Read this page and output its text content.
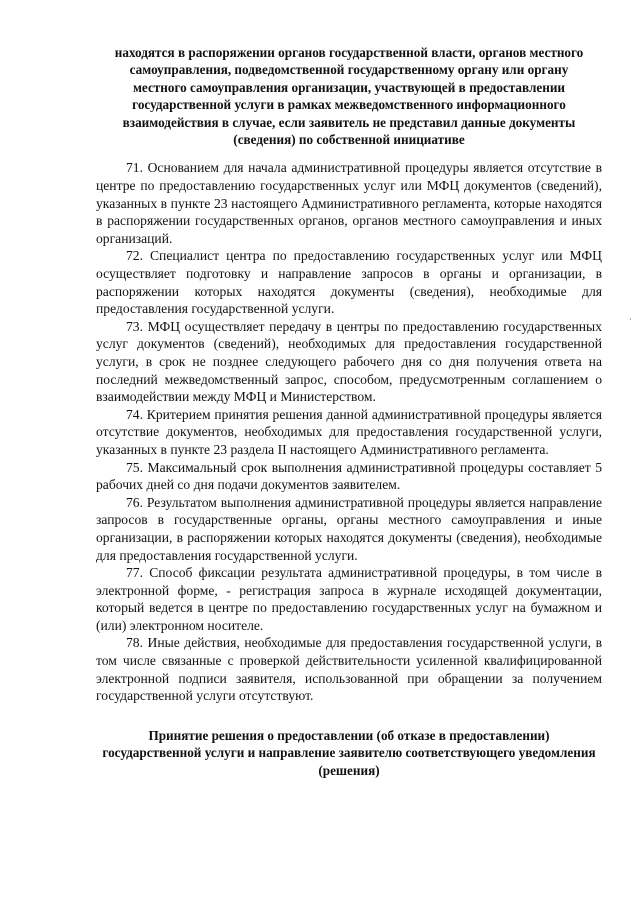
находятся в распоряжении органов государственной власти, органов местного самоуправления, подведомственной государственному органу или органу местного самоуправления организации, участвующей в предоставлении государственной услуги в рамках межведомственного информационного взаимодействия в случае, если заявитель не представил данные документы (сведения) по собственной инициативе

71. Основанием для начала административной процедуры является отсутствие в центре по предоставлению государственных услуг или МФЦ документов (сведений), указанных в пункте 23 настоящего Административного регламента, которые находятся в распоряжении государственных органов, органов местного самоуправления и иных организаций.

72. Специалист центра по предоставлению государственных услуг или МФЦ осуществляет подготовку и направление запросов в органы и организации, в распоряжении которых находятся документы (сведения), необходимые для предоставления государственной услуги.

73. МФЦ осуществляет передачу в центры по предоставлению государственных услуг документов (сведений), необходимых для предоставления государственной услуги, в срок не позднее следующего рабочего дня со дня получения ответа на последний межведомственный запрос, способом, предусмотренным соглашением о взаимодействии между МФЦ и Министерством.

74. Критерием принятия решения данной административной процедуры является отсутствие документов, необходимых для предоставления государственной услуги, указанных в пункте 23 раздела II настоящего Административного регламента.

75. Максимальный срок выполнения административной процедуры составляет 5 рабочих дней со дня подачи документов заявителем.

76. Результатом выполнения административной процедуры является направление запросов в государственные органы, органы местного самоуправления и иные организации, в распоряжении которых находятся документы (сведения), необходимые для предоставления государственной услуги.

77. Способ фиксации результата административной процедуры, в том числе в электронной форме, - регистрация запроса в журнале исходящей документации, который ведется в центре по предоставлению государственных услуг на бумажном и (или) электронном носителе.

78. Иные действия, необходимые для предоставления государственной услуги, в том числе связанные с проверкой действительности усиленной квалифицированной электронной подписи заявителя, использованной при обращении за получением государственной услуги отсутствуют.

Принятие решения о предоставлении (об отказе в предоставлении) государственной услуги и направление заявителю соответствующего уведомления (решения)

·
